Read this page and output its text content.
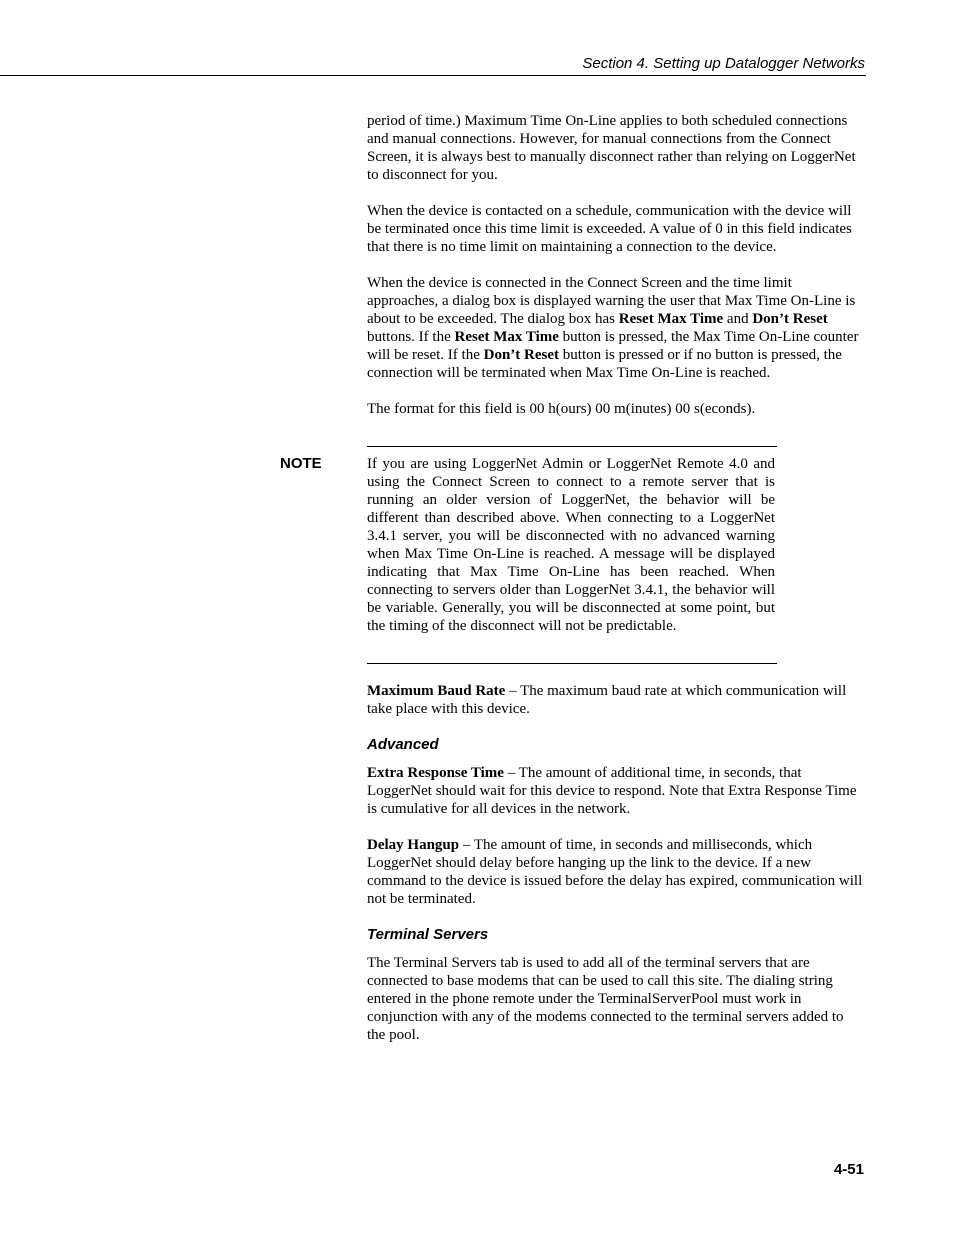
Section 4. Setting up Datalogger Networks

period of time.) Maximum Time On-Line applies to both scheduled connections and manual connections. However, for manual connections from the Connect Screen, it is always best to manually disconnect rather than relying on LoggerNet to disconnect for you.

When the device is contacted on a schedule, communication with the device will be terminated once this time limit is exceeded. A value of 0 in this field indicates that there is no time limit on maintaining a connection to the device.

When the device is connected in the Connect Screen and the time limit approaches, a dialog box is displayed warning the user that Max Time On-Line is about to be exceeded. The dialog box has Reset Max Time and Don’t Reset buttons. If the Reset Max Time button is pressed, the Max Time On-Line counter will be reset. If the Don’t Reset button is pressed or if no button is pressed, the connection will be terminated when Max Time On-Line is reached.

The format for this field is 00 h(ours) 00 m(inutes) 00 s(econds).

NOTE	If you are using LoggerNet Admin or LoggerNet Remote 4.0 and using the Connect Screen to connect to a remote server that is running an older version of LoggerNet, the behavior will be different than described above. When connecting to a LoggerNet 3.4.1 server, you will be disconnected with no advanced warning when Max Time On-Line is reached. A message will be displayed indicating that Max Time On-Line has been reached. When connecting to servers older than LoggerNet 3.4.1, the behavior will be variable. Generally, you will be disconnected at some point, but the timing of the disconnect will not be predictable.

Maximum Baud Rate – The maximum baud rate at which communication will take place with this device.

Advanced

Extra Response Time – The amount of additional time, in seconds, that LoggerNet should wait for this device to respond. Note that Extra Response Time is cumulative for all devices in the network.

Delay Hangup – The amount of time, in seconds and milliseconds, which LoggerNet should delay before hanging up the link to the device. If a new command to the device is issued before the delay has expired, communication will not be terminated.

Terminal Servers

The Terminal Servers tab is used to add all of the terminal servers that are connected to base modems that can be used to call this site. The dialing string entered in the phone remote under the TerminalServerPool must work in conjunction with any of the modems connected to the terminal servers added to the pool.

4-51
